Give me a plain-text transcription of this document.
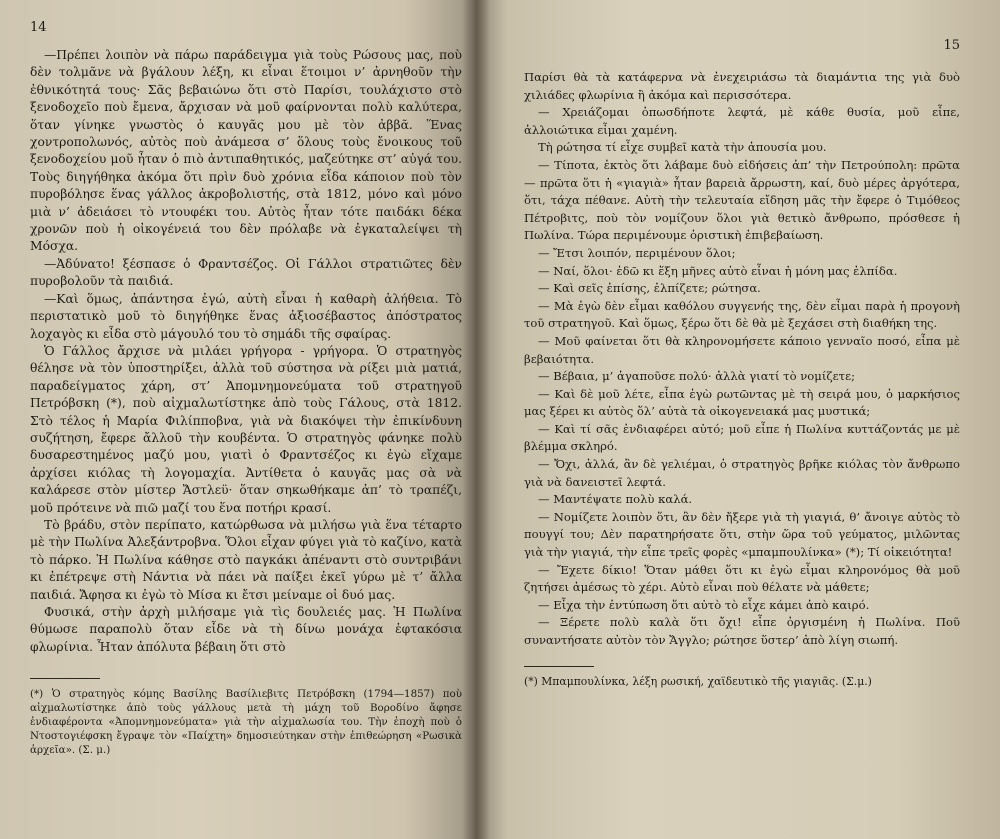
14

—Πρέπει λοιπὸν νὰ πάρω παράδειγμα γιὰ τοὺς Ρώσους μας, ποὺ δὲν τολμᾶνε νὰ βγάλουν λέξη, κι εἶναι ἕτοιμοι ν’ ἀρνηθοῦν τὴν ἐθνικότητά τους· Σᾶς βεβαιώνω ὅτι στὸ Παρίσι, τουλάχιστο στὸ ξενοδοχεῖο ποὺ ἔμενα, ἄρχισαν νὰ μοῦ φαίρνονται πολὺ καλύτερα, ὅταν γίνηκε γνωστὸς ὁ καυγᾶς μου μὲ τὸν ἀββᾶ. Ἕνας χοντροπολωνός, αὐτὸς ποὺ ἀνάμεσα σ’ ὅλους τοὺς ἔνοικους τοῦ ξενοδοχείου μοῦ ἦταν ὁ πιὸ ἀντιπαθητικός, μαζεύτηκε στ’ αὐγά του. Τοὺς διηγήθηκα ἀκόμα ὅτι πρὶν δυὸ χρόνια εἶδα κάποιον ποὺ τὸν πυροβόλησε ἕνας γάλλος ἀκροβολιστής, στὰ 1812, μόνο καὶ μόνο μιὰ ν’ ἀδειάσει τὸ ντουφέκι του. Αὐτὸς ἦταν τότε παιδάκι δέκα χρονῶν ποὺ ἡ οἰκογένειά του δὲν πρόλαβε νὰ ἐγκαταλείψει τὴ Μόσχα.

—Ἀδύνατο! ξέσπασε ὁ Φραντσέζος. Οἱ Γάλλοι στρατιῶτες δὲν πυροβολοῦν τὰ παιδιά.

—Καὶ ὅμως, ἀπάντησα ἐγώ, αὐτὴ εἶναι ἡ καθαρὴ ἀλήθεια. Τὸ περιστατικὸ μοῦ τὸ διηγήθηκε ἕνας ἀξιοσέβαστος ἀπόστρατος λοχαγὸς κι εἶδα στὸ μάγουλό του τὸ σημάδι τῆς σφαίρας.

Ὁ Γάλλος ἄρχισε νὰ μιλάει γρήγορα - γρήγορα. Ὁ στρατηγὸς θέλησε νὰ τὸν ὑποστηρίξει, ἀλλὰ τοῦ σύστησα νὰ ρίξει μιὰ ματιά, παραδείγματος χάρη, στ’ Ἀπομνημονεύματα τοῦ στρατηγοῦ Πετρόβσκη (*), ποὺ αἰχμαλωτίστηκε ἀπὸ τοὺς Γάλους, στὰ 1812. Στὸ τέλος ἡ Μαρία Φιλίπποβνα, γιὰ νὰ διακόψει τὴν ἐπικίνδυνη συζήτηση, ἔφερε ἄλλοῦ τὴν κουβέντα. Ὁ στρατηγὸς φάνηκε πολὺ δυσαρεστημένος μαζύ μου, γιατὶ ὁ Φραντσέζος κι ἐγὼ εἴχαμε ἀρχίσει κιόλας τὴ λογομαχία. Ἀντίθετα ὁ καυγᾶς μας σὰ νὰ καλάρεσε στὸν μίστερ Ἄστλεϋ· ὅταν σηκωθήκαμε ἀπ’ τὸ τραπέζι, μοῦ πρότεινε νὰ πιῶ μαζί του ἕνα ποτήρι κρασί.

Τὸ βράδυ, στὸν περίπατο, κατώρθωσα νὰ μιλήσω γιὰ ἕνα τέταρτο μὲ τὴν Πωλίνα Ἀλεξάντροβνα. Ὅλοι εἶχαν φύγει γιὰ τὸ καζίνο, κατὰ τὸ πάρκο. Ἡ Πωλίνα κάθησε στὸ παγκάκι ἀπέναντι στὸ συντριβάνι κι ἐπέτρεψε στὴ Νάντια νὰ πάει νὰ παίξει ἐκεῖ γύρω μὲ τ’ ἄλλα παιδιά. Ἄφησα κι ἐγὼ τὸ Μίσα κι ἔτσι μείναμε οἱ δυό μας.

Φυσικά, στὴν ἀρχὴ μιλήσαμε γιὰ τὶς δουλειές μας. Ἡ Πωλίνα θύμωσε παραπολὺ ὅταν εἶδε νὰ τὴ δίνω μονάχα ἑφτακόσια φλωρίνια. Ἦταν ἀπόλυτα βέβαιη ὅτι στὸ

(*) Ὁ στρατηγὸς κόμης Βασίλης Βασίλιεβιτς Πετρόβσκη (1794—1857) ποὺ αἰχμαλωτίστηκε ἀπὸ τοὺς γάλλους μετὰ τὴ μάχη τοῦ Βοροδίνο ἄφησε ἐνδιαφέροντα «Ἀπομνημονεύματα» γιὰ τὴν αἰχμαλωσία του. Τὴν ἐποχὴ ποὺ ὁ Ντοστογιέφσκη ἔγραψε τὸν «Παίχτη» δημοσιεύτηκαν στὴν ἐπιθεώρηση «Ρωσικὰ ἀρχεῖα». (Σ. μ.)
15

Παρίσι θὰ τὰ κατάφερνα νὰ ἐνεχειριάσω τὰ διαμάντια της γιὰ δυὸ χιλιάδες φλωρίνια ἢ ἀκόμα καὶ περισσότερα.

— Χρειάζομαι ὁπωσδήποτε λεφτά, μὲ κάθε θυσία, μοῦ εἶπε, ἀλλοιώτικα εἶμαι χαμένη.

Τὴ ρώτησα τί εἶχε συμβεῖ κατὰ τὴν ἀπουσία μου.

— Τίποτα, ἐκτὸς ὅτι λάβαμε δυὸ εἰδήσεις ἀπ’ τὴν Πετρούπολη: πρῶτα — πρῶτα ὅτι ἡ «γιαγιὰ» ἦταν βαρειὰ ἄρρωστη, καί, δυὸ μέρες ἀργότερα, ὅτι, τάχα πέθανε. Αὐτὴ τὴν τελευταία εἴδηση μᾶς τὴν ἔφερε ὁ Τιμόθεος Πέτροβιτς, ποὺ τὸν νομίζουν ὅλοι γιὰ θετικὸ ἄνθρωπο, πρόσθεσε ἡ Πωλίνα. Τώρα περιμένουμε ὁριστικὴ ἐπιβεβαίωση.

— Ἔτσι λοιπόν, περιμένουν ὅλοι;

— Ναί, ὅλοι· ἐδῶ κι ἕξη μῆνες αὐτὸ εἶναι ἡ μόνη μας ἐλπίδα.

— Καὶ σεῖς ἐπίσης, ἐλπίζετε; ρώτησα.

— Μὰ ἐγὼ δὲν εἶμαι καθόλου συγγενής της, δὲν εἶμαι παρὰ ἡ προγονὴ τοῦ στρατηγοῦ. Καὶ ὅμως, ξέρω ὅτι δὲ θὰ μὲ ξεχάσει στὴ διαθήκη της.

— Μοῦ φαίνεται ὅτι θὰ κληρονομήσετε κάποιο γενναῖο ποσό, εἶπα μὲ βεβαιότητα.

— Βέβαια, μ’ ἀγαποῦσε πολύ· ἀλλὰ γιατί τὸ νομίζετε;

— Καὶ δὲ μοῦ λέτε, εἶπα ἐγὼ ρωτῶντας μὲ τὴ σειρά μου, ὁ μαρκήσιος μας ξέρει κι αὐτὸς ὅλ’ αὐτὰ τὰ οἰκογενειακά μας μυστικά;

— Καὶ τί σᾶς ἐνδιαφέρει αὐτό; μοῦ εἶπε ἡ Πωλίνα κυττάζοντάς με μὲ βλέμμα σκληρό.

— Ὄχι, ἀλλά, ἂν δὲ γελιέμαι, ὁ στρατηγὸς βρῆκε κιόλας τὸν ἄνθρωπο γιὰ νὰ δανειστεῖ λεφτά.

— Μαντέψατε πολὺ καλά.

— Νομίζετε λοιπὸν ὅτι, ἂν δὲν ἤξερε γιὰ τὴ γιαγιά, θ’ ἄνοιγε αὐτὸς τὸ πουγγί του; Δὲν παρατηρήσατε ὅτι, στὴν ὥρα τοῦ γεύματος, μιλῶντας γιὰ τὴν γιαγιά, τὴν εἶπε τρεῖς φορὲς «μπαμπουλίνκα» (*); Τί οἰκειότητα!

— Ἔχετε δίκιο! Ὅταν μάθει ὅτι κι ἐγὼ εἶμαι κληρονόμος θὰ μοῦ ζητήσει ἀμέσως τὸ χέρι. Αὐτὸ εἶναι ποὺ θέλατε νὰ μάθετε;

— Εἶχα τὴν ἐντύπωση ὅτι αὐτὸ τὸ εἶχε κάμει ἀπὸ καιρό.

— Ξέρετε πολὺ καλὰ ὅτι ὄχι! εἶπε ὀργισμένη ἡ Πωλίνα. Ποῦ συναντήσατε αὐτὸν τὸν Ἄγγλο; ρώτησε ὕστερ’ ἀπὸ λίγη σιωπή.

(*) Μπαμπουλίνκα, λέξη ρωσική, χαϊδευτικὸ τῆς γιαγιᾶς. (Σ.μ.)
